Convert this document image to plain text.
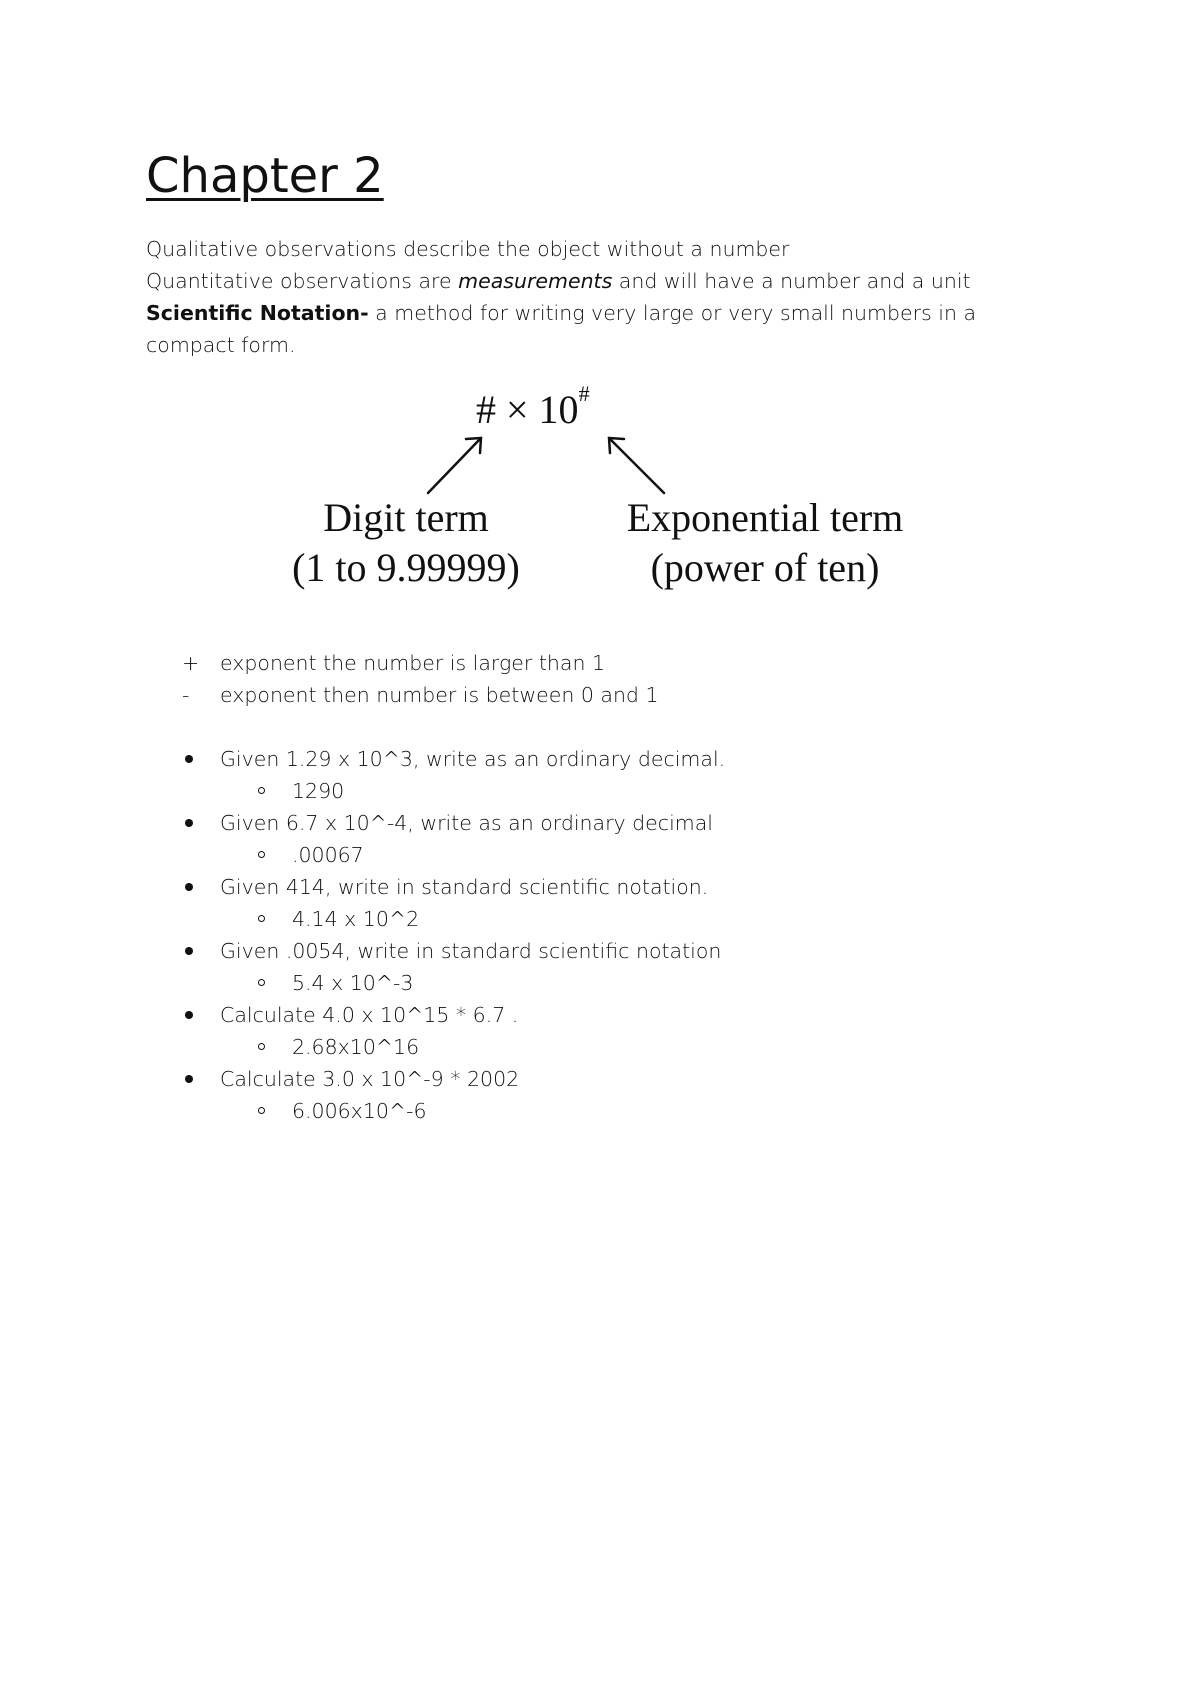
Chapter 2

Qualitative observations describe the object without a number

Quantitative observations are measurements and will have a number and a unit

Scientific Notation- a method for writing very large or very small numbers in a compact form.

# × 10#
Digit term
(1 to 9.99999)
Exponential term
(power of ten)
+ exponent the number is larger than 1
-	exponent then number is between 0 and 1
Given 1.29 x 10^3, write as an ordinary decimal.
1290
Given 6.7 x 10^-4, write as an ordinary decimal
.00067
Given 414, write in standard scientific notation.
4.14 x 10^2
Given .0054, write in standard scientific notation
5.4 x 10^-3
Calculate 4.0 x 10^15 * 6.7 .
2.68x10^16
Calculate 3.0 x 10^-9 * 2002
6.006x10^-6
